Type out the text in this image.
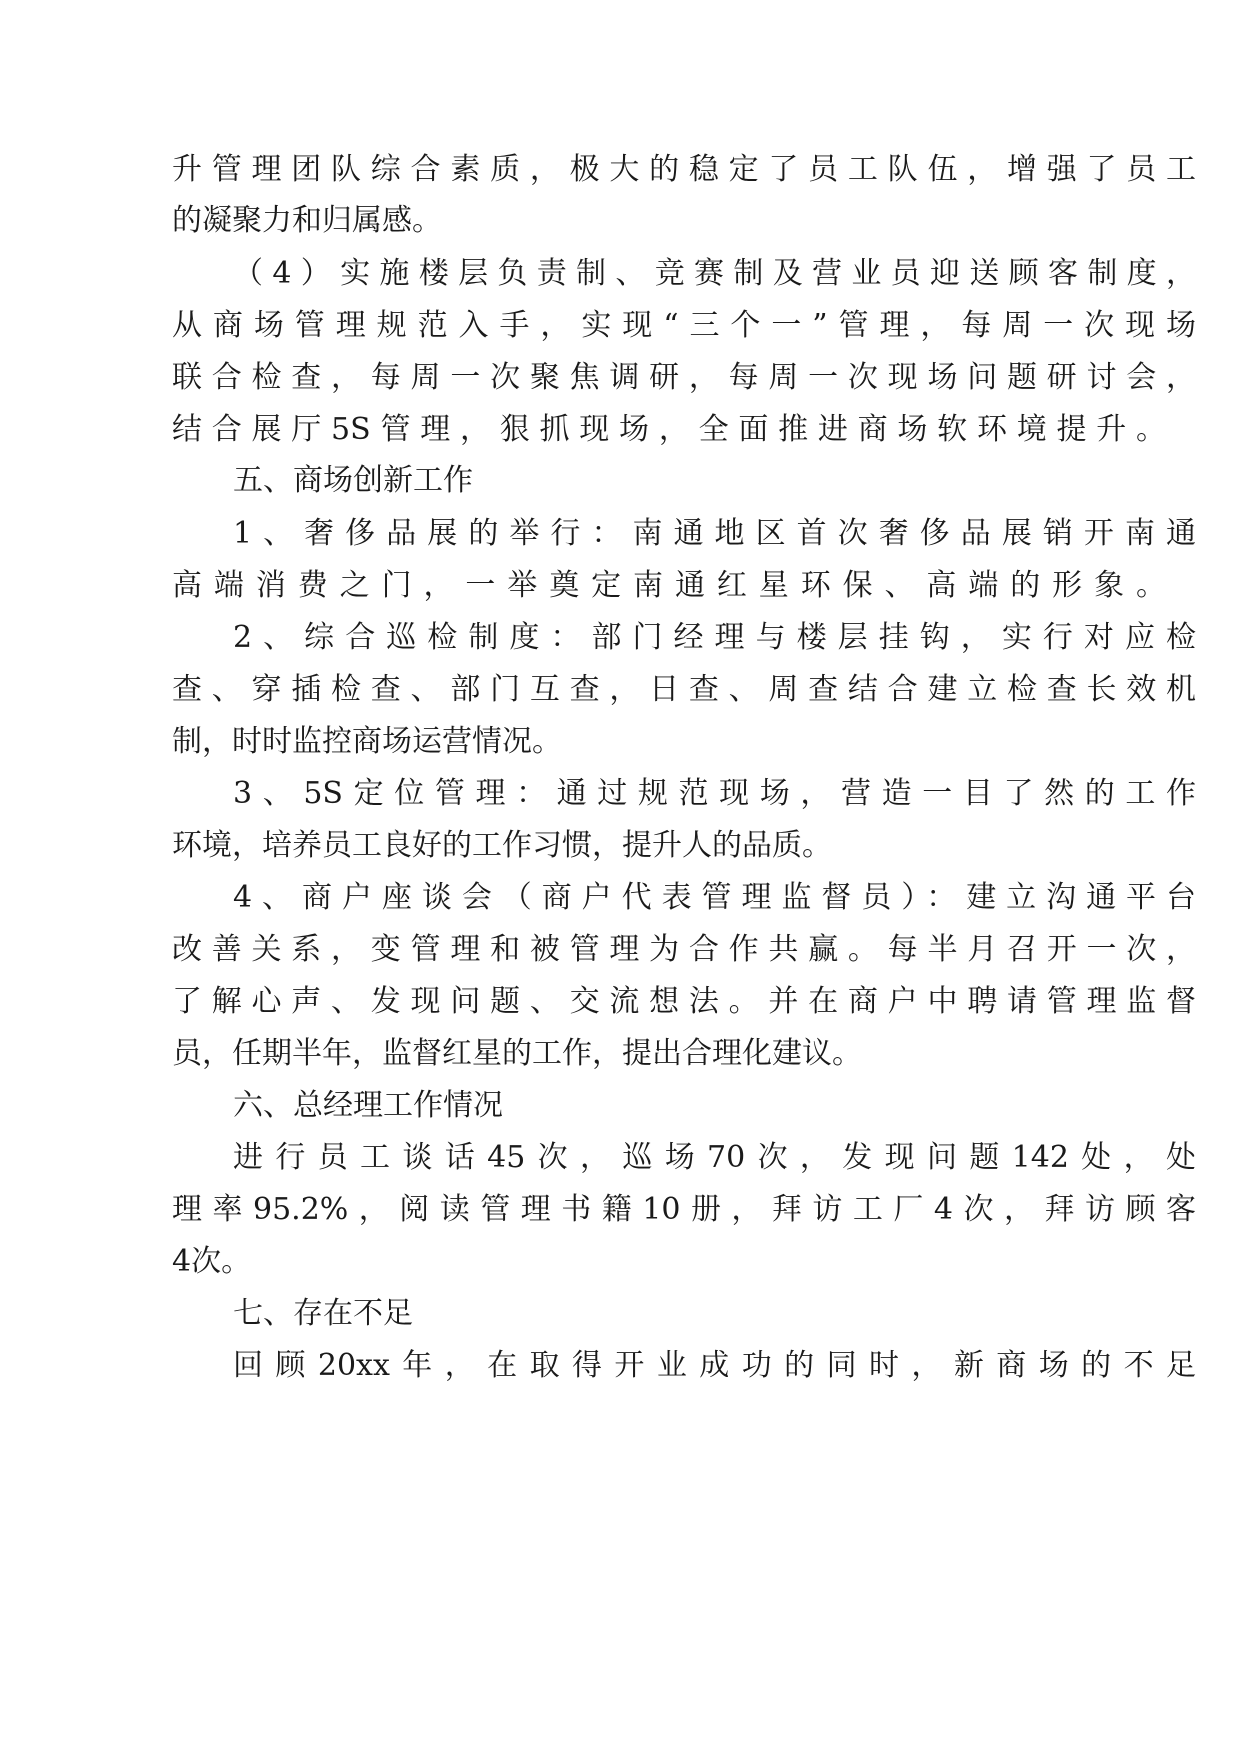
升管理团队综合素质，极大的稳定了员工队伍，增强了员工
的凝聚力和归属感。
（4）实施楼层负责制、竞赛制及营业员迎送顾客制度，
从商场管理规范入手，实现“三个一”管理，每周一次现场
联合检查，每周一次聚焦调研，每周一次现场问题研讨会，
结合展厅5S管理，狠抓现场，全面推进商场软环境提升。
五、商场创新工作
1、奢侈品展的举行：南通地区首次奢侈品展销开南通
高端消费之门，一举奠定南通红星环保、高端的形象。
2、综合巡检制度：部门经理与楼层挂钩，实行对应检
查、穿插检查、部门互查，日查、周查结合建立检查长效机
制，时时监控商场运营情况。
3、5S定位管理：通过规范现场，营造一目了然的工作
环境，培养员工良好的工作习惯，提升人的品质。
4、商户座谈会（商户代表管理监督员）：建立沟通平台
改善关系，变管理和被管理为合作共赢。每半月召开一次，
了解心声、发现问题、交流想法。并在商户中聘请管理监督
员，任期半年，监督红星的工作，提出合理化建议。
六、总经理工作情况
进行员工谈话45次，巡场70次，发现问题142处，处
理率95.2%，阅读管理书籍10册，拜访工厂4次，拜访顾客
4次。
七、存在不足
回顾20xx年，在取得开业成功的同时，新商场的不足
